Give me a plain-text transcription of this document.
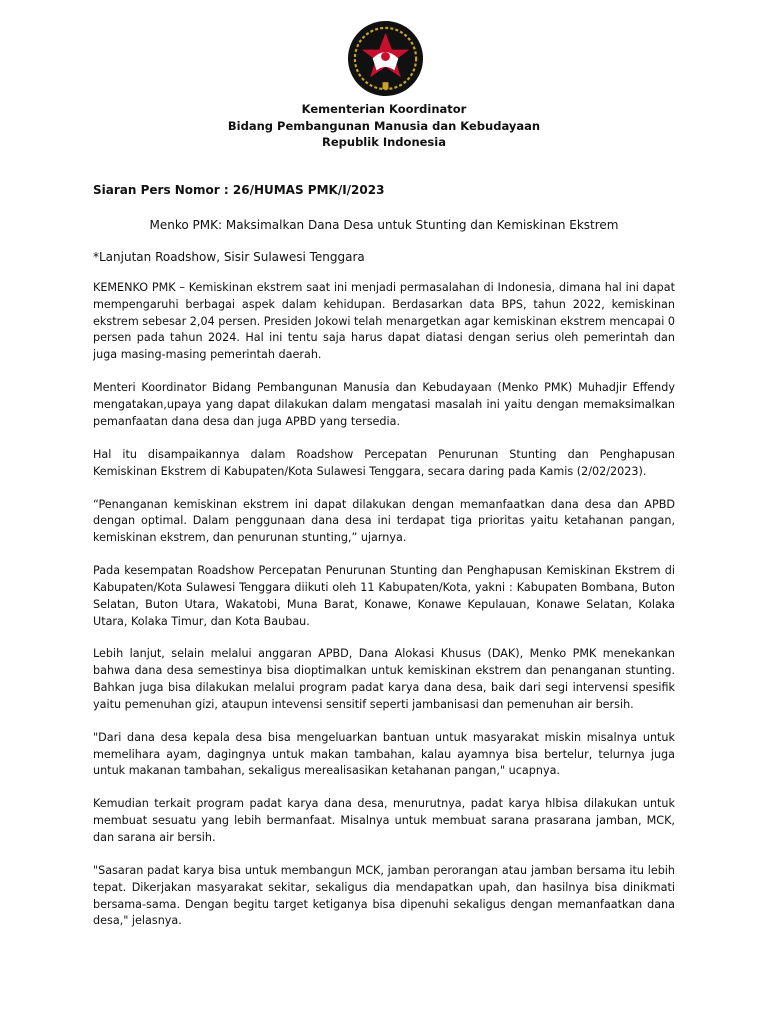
Kementerian Koordinator
Bidang Pembangunan Manusia dan Kebudayaan
Republik Indonesia
Siaran Pers Nomor : 26/HUMAS PMK/I/2023
Menko PMK: Maksimalkan Dana Desa untuk Stunting dan Kemiskinan Ekstrem
*Lanjutan Roadshow, Sisir Sulawesi Tenggara

KEMENKO PMK – Kemiskinan ekstrem saat ini menjadi permasalahan di Indonesia, dimana hal ini dapat mempengaruhi berbagai aspek dalam kehidupan. Berdasarkan data BPS, tahun 2022, kemiskinan ekstrem sebesar 2,04 persen. Presiden Jokowi telah menargetkan agar kemiskinan ekstrem mencapai 0 persen pada tahun 2024. Hal ini tentu saja harus dapat diatasi dengan serius oleh pemerintah dan juga masing-masing pemerintah daerah.

Menteri Koordinator Bidang Pembangunan Manusia dan Kebudayaan (Menko PMK) Muhadjir Effendy mengatakan,upaya yang dapat dilakukan dalam mengatasi masalah ini yaitu dengan memaksimalkan pemanfaatan dana desa dan juga APBD yang tersedia.

Hal itu disampaikannya dalam Roadshow Percepatan Penurunan Stunting dan Penghapusan Kemiskinan Ekstrem di Kabupaten/Kota Sulawesi Tenggara, secara daring pada Kamis (2/02/2023).

“Penanganan kemiskinan ekstrem ini dapat dilakukan dengan memanfaatkan dana desa dan APBD dengan optimal. Dalam penggunaan dana desa ini terdapat tiga prioritas yaitu ketahanan pangan, kemiskinan ekstrem, dan penurunan stunting,” ujarnya.

Pada kesempatan Roadshow Percepatan Penurunan Stunting dan Penghapusan Kemiskinan Ekstrem di Kabupaten/Kota Sulawesi Tenggara diikuti oleh 11 Kabupaten/Kota, yakni : Kabupaten Bombana, Buton Selatan, Buton Utara, Wakatobi, Muna Barat, Konawe, Konawe Kepulauan, Konawe Selatan, Kolaka Utara, Kolaka Timur, dan Kota Baubau.

Lebih lanjut, selain melalui anggaran APBD, Dana Alokasi Khusus (DAK), Menko PMK menekankan bahwa dana desa semestinya bisa dioptimalkan untuk kemiskinan ekstrem dan penanganan stunting. Bahkan juga bisa dilakukan melalui program padat karya dana desa, baik dari segi intervensi spesifik yaitu pemenuhan gizi, ataupun intevensi sensitif seperti jambanisasi dan pemenuhan air bersih.

"Dari dana desa kepala desa bisa mengeluarkan bantuan untuk masyarakat miskin misalnya untuk memelihara ayam, dagingnya untuk makan tambahan, kalau ayamnya bisa bertelur, telurnya juga untuk makanan tambahan, sekaligus merealisasikan ketahanan pangan," ucapnya.

Kemudian terkait program padat karya dana desa, menurutnya, padat karya hlbisa dilakukan untuk membuat sesuatu yang lebih bermanfaat. Misalnya untuk membuat sarana prasarana jamban, MCK, dan sarana air bersih.

"Sasaran padat karya bisa untuk membangun MCK, jamban perorangan atau jamban bersama itu lebih tepat. Dikerjakan masyarakat sekitar, sekaligus dia mendapatkan upah, dan hasilnya bisa dinikmati bersama-sama. Dengan begitu target ketiganya bisa dipenuhi sekaligus dengan memanfaatkan dana desa," jelasnya.
